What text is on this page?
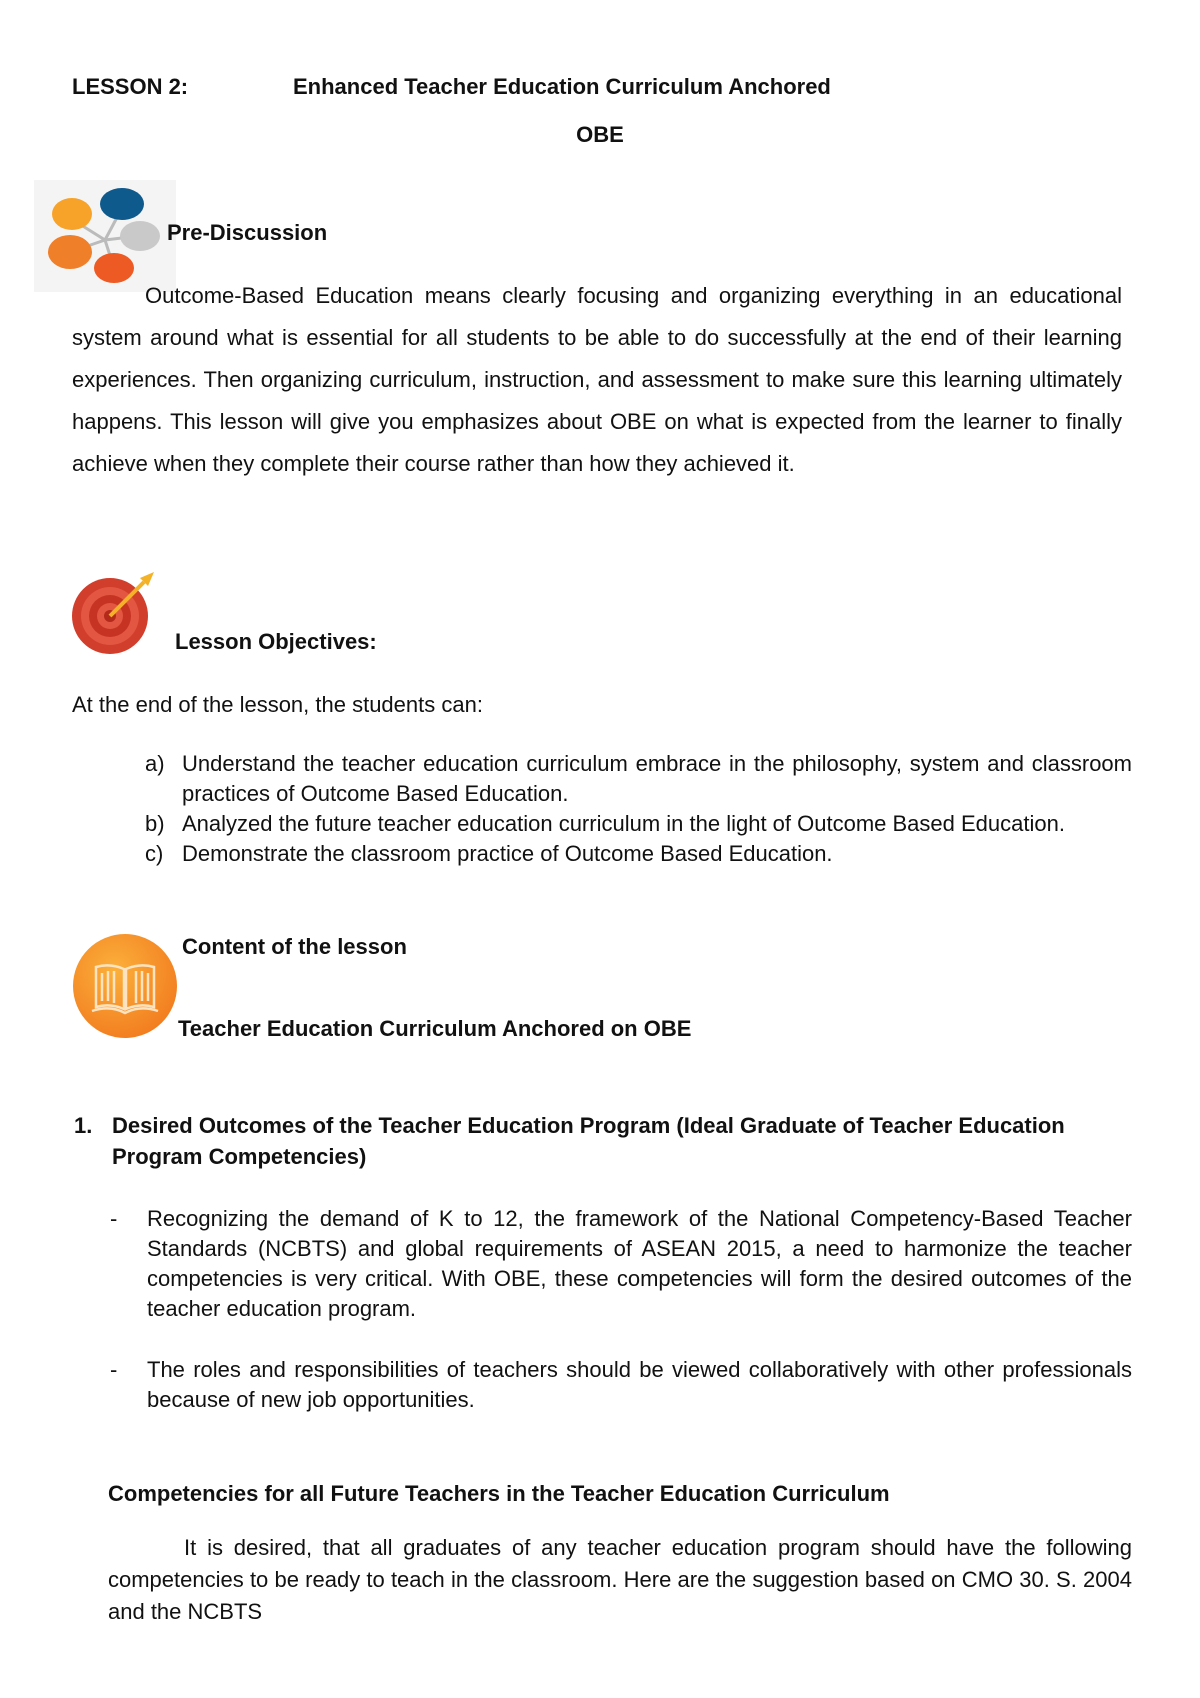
LESSON 2:	Enhanced Teacher Education Curriculum Anchored
OBE
Pre-Discussion
Outcome-Based Education means clearly focusing and organizing everything in an educational system around what is essential for all students to be able to do successfully at the end of their learning experiences. Then organizing curriculum, instruction, and assessment to make sure this learning ultimately happens. This lesson will give you emphasizes about OBE on what is expected from the learner to finally achieve when they complete their course rather than how they achieved it.
Lesson Objectives:
At the end of the lesson, the students can:
a) Understand the teacher education curriculum embrace in the philosophy, system and classroom practices of Outcome Based Education.
b) Analyzed the future teacher education curriculum in the light of Outcome Based Education.
c) Demonstrate the classroom practice of Outcome Based Education.
Content of the lesson
Teacher Education Curriculum Anchored on OBE
1. Desired Outcomes of the Teacher Education Program (Ideal Graduate of Teacher Education Program Competencies)
-	Recognizing the demand of K to 12, the framework of the National Competency-Based Teacher Standards (NCBTS) and global requirements of ASEAN 2015, a need to harmonize the teacher competencies is very critical. With OBE, these competencies will form the desired outcomes of the teacher education program.
-	The roles and responsibilities of teachers should be viewed collaboratively with other professionals because of new job opportunities.
Competencies for all Future Teachers in the Teacher Education Curriculum
It is desired, that all graduates of any teacher education program should have the following competencies to be ready to teach in the classroom. Here are the suggestion based on CMO 30. S. 2004 and the NCBTS
